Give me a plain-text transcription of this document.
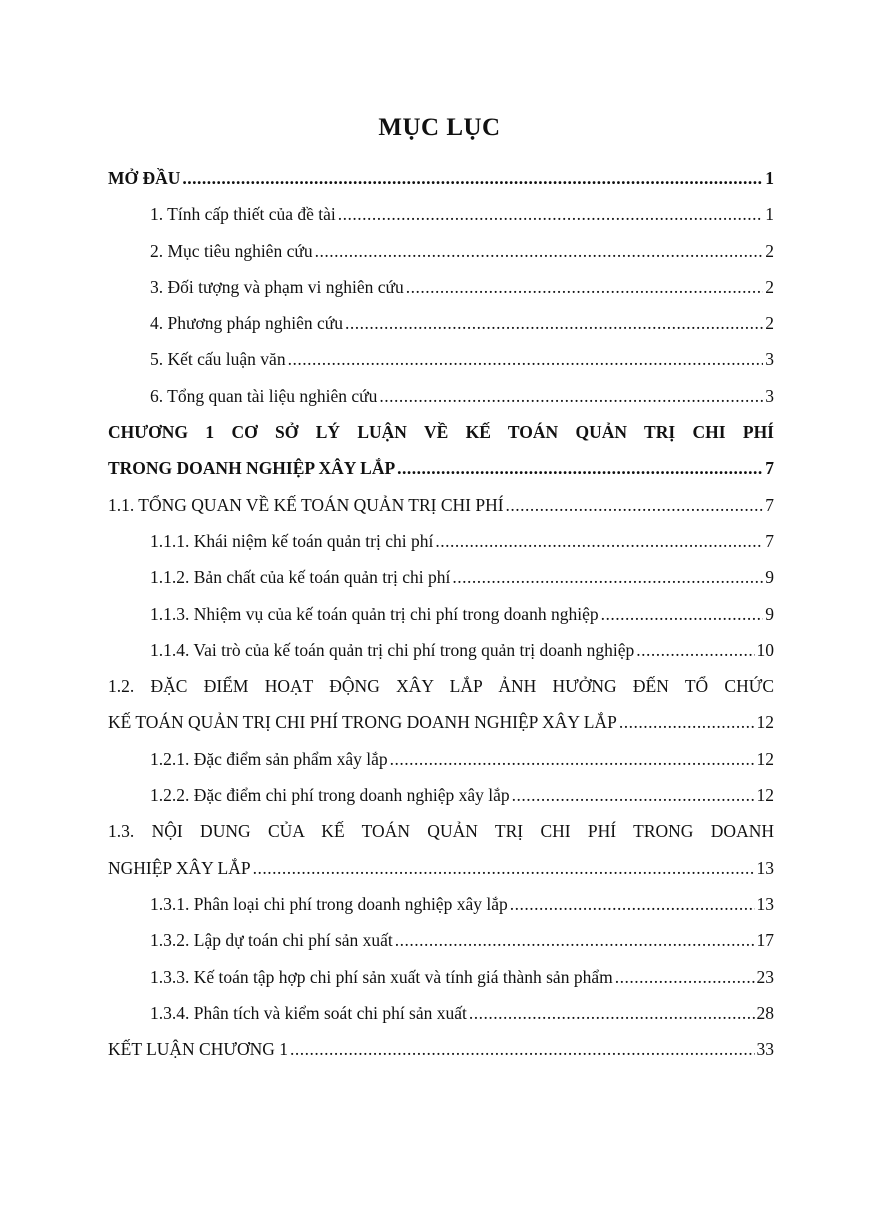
MỤC LỤC
MỞ ĐẦU .....	1
1. Tính cấp thiết của đề tài .....	1
2. Mục tiêu nghiên cứu .....	2
3. Đối tượng và phạm vi nghiên cứu .....	2
4. Phương pháp nghiên cứu .....	2
5. Kết cấu luận văn .....	3
6. Tổng quan tài liệu nghiên cứu .....	3
CHƯƠNG 1 CƠ SỞ LÝ LUẬN VỀ KẾ TOÁN QUẢN TRỊ CHI PHÍ
TRONG DOANH NGHIỆP XÂY LẮP .....	7
1.1. TỔNG QUAN VỀ KẾ TOÁN QUẢN TRỊ CHI PHÍ .....	7
1.1.1. Khái niệm kế toán quản trị chi phí .....	7
1.1.2. Bản chất của kế toán quản trị chi phí .....	9
1.1.3. Nhiệm vụ của kế toán quản trị chi phí trong doanh nghiệp .....	9
1.1.4. Vai trò của kế toán quản trị chi phí trong quản trị doanh nghiệp .....	10
1.2. ĐẶC ĐIỂM HOẠT ĐỘNG XÂY LẮP ẢNH HƯỞNG ĐẾN TỔ CHỨC
KẾ TOÁN QUẢN TRỊ CHI PHÍ TRONG DOANH NGHIỆP XÂY LẮP .....	12
1.2.1. Đặc điểm sản phẩm xây lắp .....	12
1.2.2. Đặc điểm chi phí trong doanh nghiệp xây lắp .....	12
1.3. NỘI DUNG CỦA KẾ TOÁN QUẢN TRỊ CHI PHÍ TRONG DOANH
NGHIỆP XÂY LẮP .....	13
1.3.1. Phân loại chi phí trong doanh nghiệp xây lắp .....	13
1.3.2. Lập dự toán chi phí sản xuất .....	17
1.3.3. Kế toán tập hợp chi phí sản xuất và tính giá thành sản phẩm .....	23
1.3.4. Phân tích và kiểm soát chi phí sản xuất .....	28
KẾT LUẬN CHƯƠNG 1 .....	33
